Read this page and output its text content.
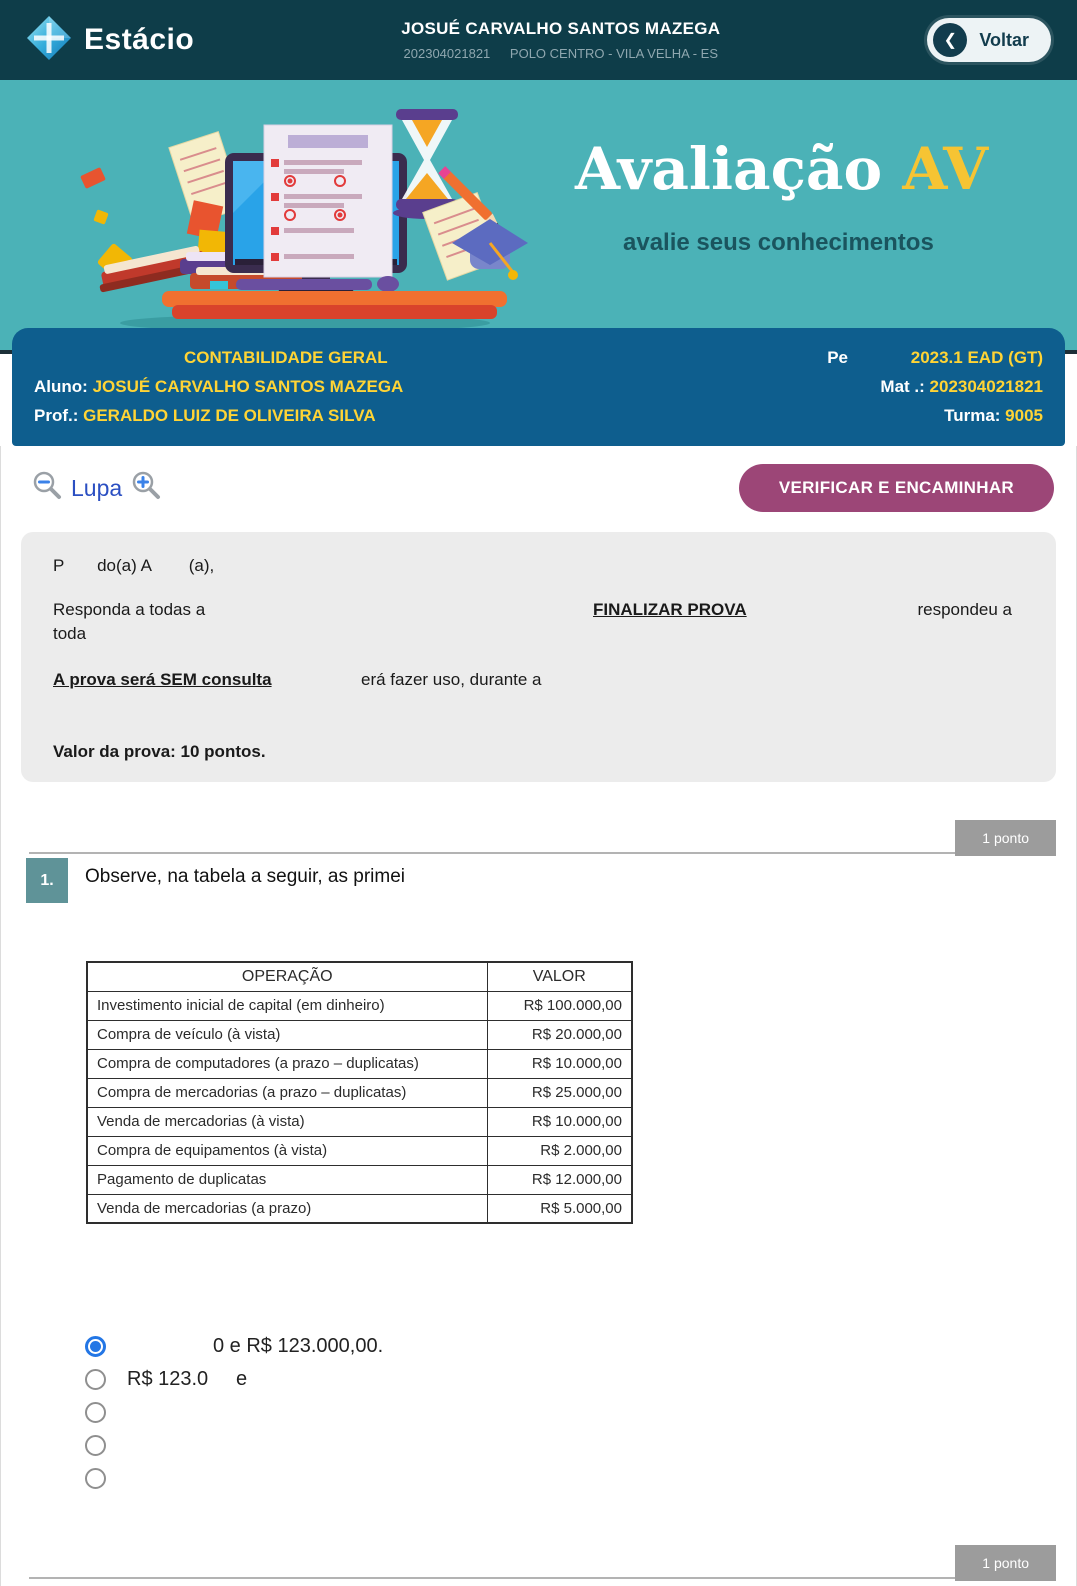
Estácio	JOSUÉ CARVALHO SANTOS MAZEGA
202304021821 POLO CENTRO - VILA VELHA - ES
❮	Voltar
Avaliação AV
avalie seus conhecimentos
CONTABILIDADE GERAL	Pe	2023.1 EAD (GT)
Aluno: JOSUÉ CARVALHO SANTOS MAZEGA	Mat .: 202304021821
Prof.: GERALDO LUIZ DE OLIVEIRA SILVA	Turma: 9005
Lupa	VERIFICAR E ENCAMINHAR
P       do(a) A        (a),
Responda a todas a
toda
FINALIZAR PROVA	respondeu a
A prova será SEM consulta	erá fazer uso, durante a
Valor da prova: 10 pontos.
1 ponto
1.	Observe, na tabela a seguir, as primei
OPERAÇÃO	VALOR
Investimento inicial de capital (em dinheiro)	R$ 100.000,00
Compra de veículo (à vista)	R$ 20.000,00
Compra de computadores (a prazo – duplicatas)	R$ 10.000,00
Compra de mercadorias (a prazo – duplicatas)	R$ 25.000,00
Venda de mercadorias (à vista)	R$ 10.000,00
Compra de equipamentos (à vista)	R$ 2.000,00
Pagamento de duplicatas	R$ 12.000,00
Venda de mercadorias (a prazo)	R$ 5.000,00
0 e R$ 123.000,00.
R$ 123.0     e
1 ponto
